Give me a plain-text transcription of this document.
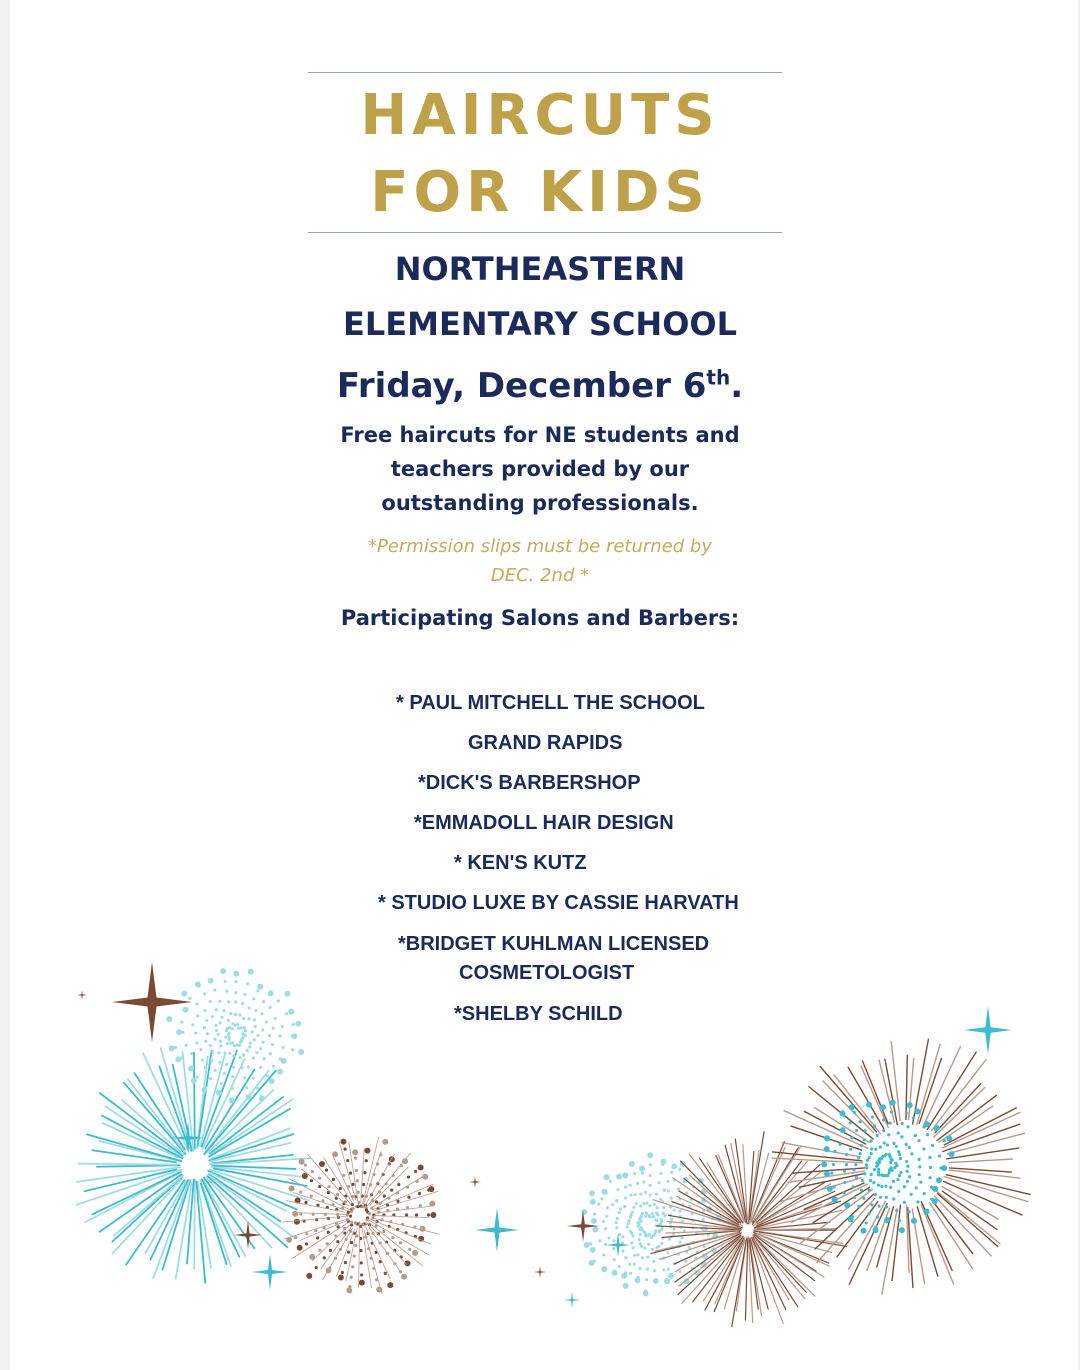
HAIRCUTS
FOR KIDS
NORTHEASTERN
ELEMENTARY SCHOOL
Friday, December 6th.
Free haircuts for NE students and
teachers provided by our
outstanding professionals.
*Permission slips must be returned by
DEC. 2nd *
Participating Salons and Barbers:
* PAUL MITCHELL THE SCHOOL
GRAND RAPIDS
*DICK'S BARBERSHOP
*EMMADOLL HAIR DESIGN
* KEN'S KUTZ
* STUDIO LUXE BY CASSIE HARVATH
*BRIDGET KUHLMAN LICENSED
COSMETOLOGIST
*SHELBY SCHILD
